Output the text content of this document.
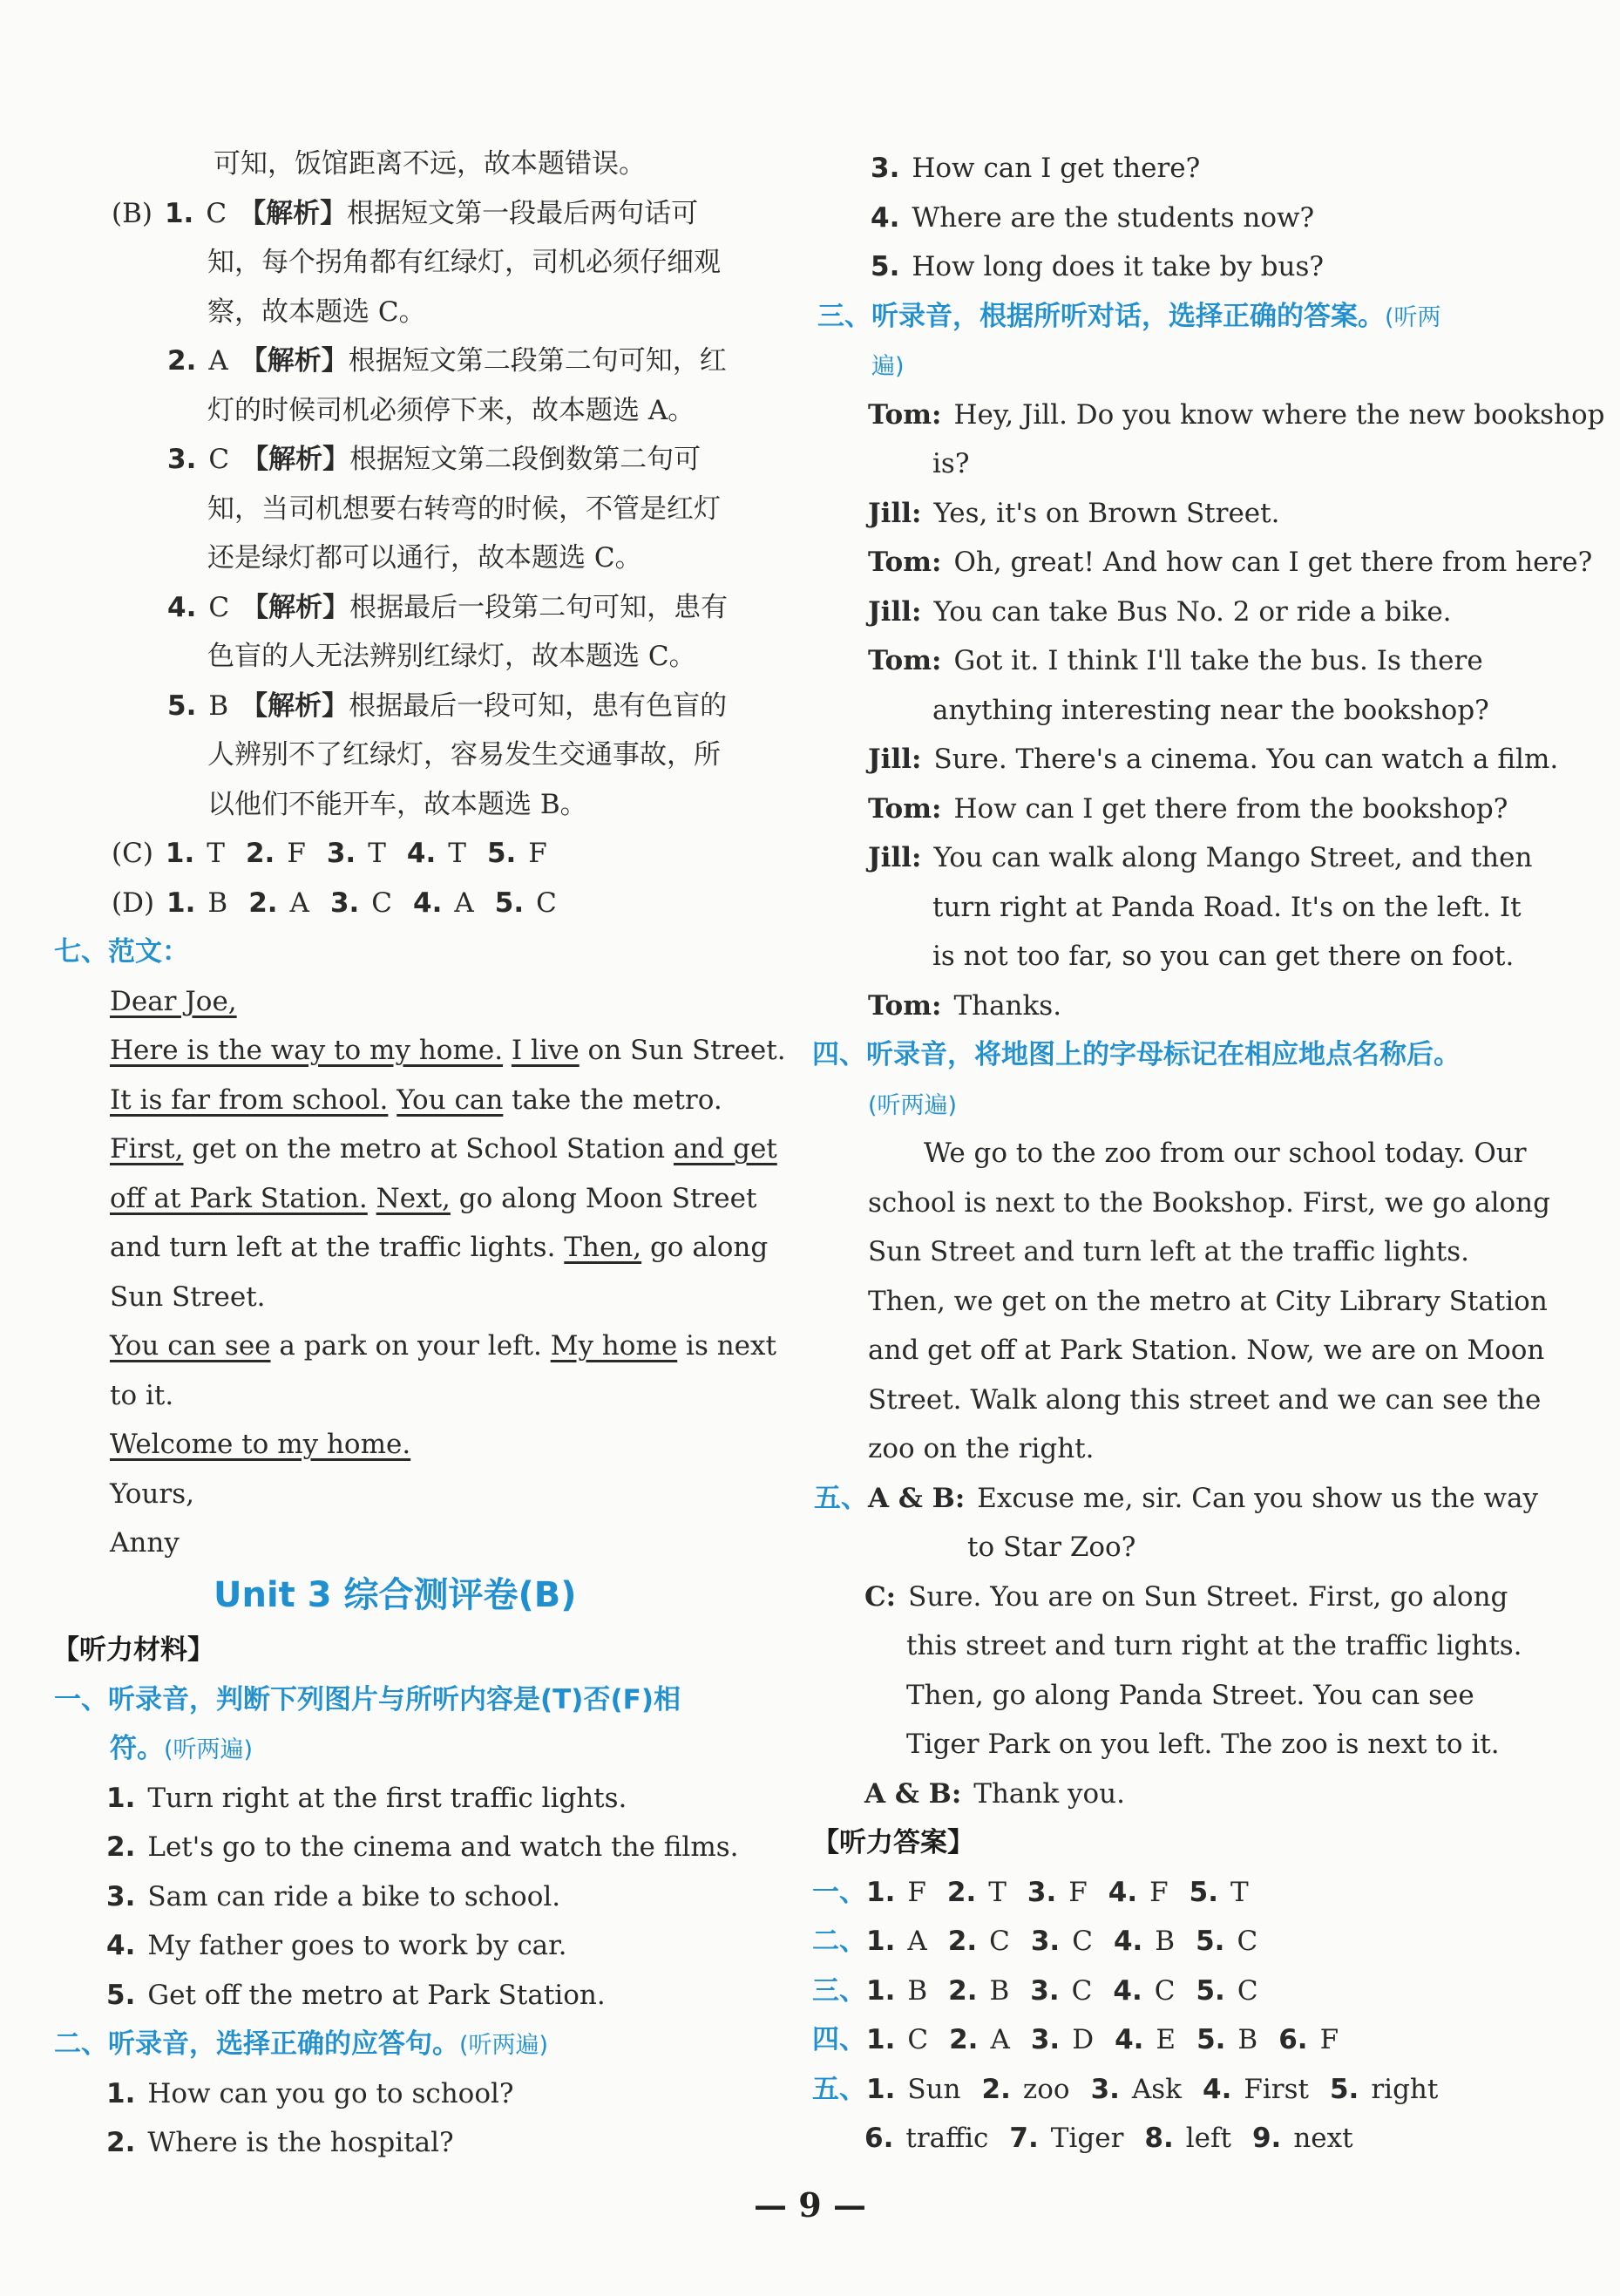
可知，饭馆距离不远，故本题错误。
(B) 1. C 【解析】根据短文第一段最后两句话可
知，每个拐角都有红绿灯，司机必须仔细观
察，故本题选 C。
2. A 【解析】根据短文第二段第二句可知，红
灯的时候司机必须停下来，故本题选 A。
3. C 【解析】根据短文第二段倒数第二句可
知，当司机想要右转弯的时候，不管是红灯
还是绿灯都可以通行，故本题选 C。
4. C 【解析】根据最后一段第二句可知，患有
色盲的人无法辨别红绿灯，故本题选 C。
5. B 【解析】根据最后一段可知，患有色盲的
人辨别不了红绿灯，容易发生交通事故，所
以他们不能开车，故本题选 B。
(C) 1. T 2. F 3. T 4. T 5. F
(D) 1. B 2. A 3. C 4. A 5. C
七、范文：
Dear Joe,
Here is the way to my home. I live on Sun Street.
It is far from school. You can take the metro.
First, get on the metro at School Station and get
off at Park Station. Next, go along Moon Street
and turn left at the traffic lights. Then, go along
Sun Street.
You can see a park on your left. My home is next
to it.
Welcome to my home.
Yours,
Anny
【听力材料】
一、听录音，判断下列图片与所听内容是(T)否(F)相
符。(听两遍)
1. Turn right at the first traffic lights.
2. Let's go to the cinema and watch the films.
3. Sam can ride a bike to school.
4. My father goes to work by car.
5. Get off the metro at Park Station.
二、听录音，选择正确的应答句。(听两遍)
1. How can you go to school?
2. Where is the hospital?
3. How can I get there?
4. Where are the students now?
5. How long does it take by bus?
三、听录音，根据所听对话，选择正确的答案。(听两
遍)
Tom: Hey, Jill. Do you know where the new bookshop
is?
Jill: Yes, it's on Brown Street.
Tom: Oh, great! And how can I get there from here?
Jill: You can take Bus No. 2 or ride a bike.
Tom: Got it. I think I'll take the bus. Is there
anything interesting near the bookshop?
Jill: Sure. There's a cinema. You can watch a film.
Tom: How can I get there from the bookshop?
Jill: You can walk along Mango Street, and then
turn right at Panda Road. It's on the left. It
is not too far, so you can get there on foot.
Tom: Thanks.
四、听录音，将地图上的字母标记在相应地点名称后。
(听两遍)
We go to the zoo from our school today. Our
school is next to the Bookshop. First, we go along
Sun Street and turn left at the traffic lights.
Then, we get on the metro at City Library Station
and get off at Park Station. Now, we are on Moon
Street. Walk along this street and we can see the
zoo on the right.
五、A & B: Excuse me, sir. Can you show us the way
to Star Zoo?
C: Sure. You are on Sun Street. First, go along
this street and turn right at the traffic lights.
Then, go along Panda Street. You can see
Tiger Park on you left. The zoo is next to it.
A & B: Thank you.
【听力答案】
一、1. F 2. T 3. F 4. F 5. T
二、1. A 2. C 3. C 4. B 5. C
三、1. B 2. B 3. C 4. C 5. C
四、1. C 2. A 3. D 4. E 5. B 6. F
五、1. Sun 2. zoo 3. Ask 4. First 5. right
6. traffic 7. Tiger 8. left 9. next
Unit 3 综合测评卷(B)
— 9 —
